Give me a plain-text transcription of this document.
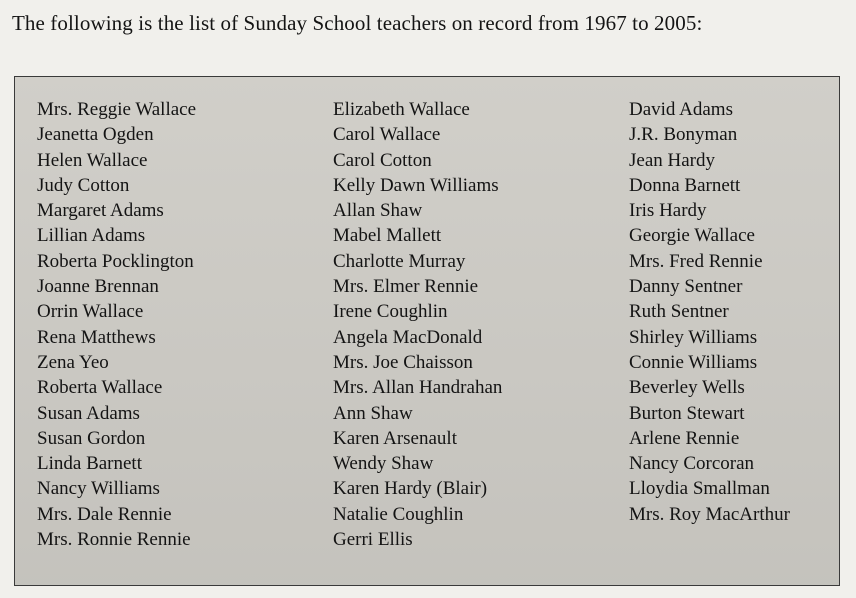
The following is the list of Sunday School teachers on record from 1967 to 2005:
Mrs. Reggie Wallace
Jeanetta Ogden
Helen Wallace
Judy Cotton
Margaret Adams
Lillian Adams
Roberta Pocklington
Joanne Brennan
Orrin Wallace
Rena Matthews
Zena Yeo
Roberta Wallace
Susan Adams
Susan Gordon
Linda Barnett
Nancy Williams
Mrs. Dale Rennie
Mrs. Ronnie Rennie
Elizabeth Wallace
Carol Wallace
Carol Cotton
Kelly Dawn Williams
Allan Shaw
Mabel Mallett
Charlotte Murray
Mrs. Elmer Rennie
Irene Coughlin
Angela MacDonald
Mrs. Joe Chaisson
Mrs. Allan Handrahan
Ann Shaw
Karen Arsenault
Wendy Shaw
Karen Hardy (Blair)
Natalie Coughlin
Gerri Ellis
David Adams
J.R. Bonyman
Jean Hardy
Donna Barnett
Iris Hardy
Georgie Wallace
Mrs. Fred Rennie
Danny Sentner
Ruth Sentner
Shirley Williams
Connie Williams
Beverley Wells
Burton Stewart
Arlene Rennie
Nancy Corcoran
Lloydia Smallman
Mrs. Roy MacArthur
